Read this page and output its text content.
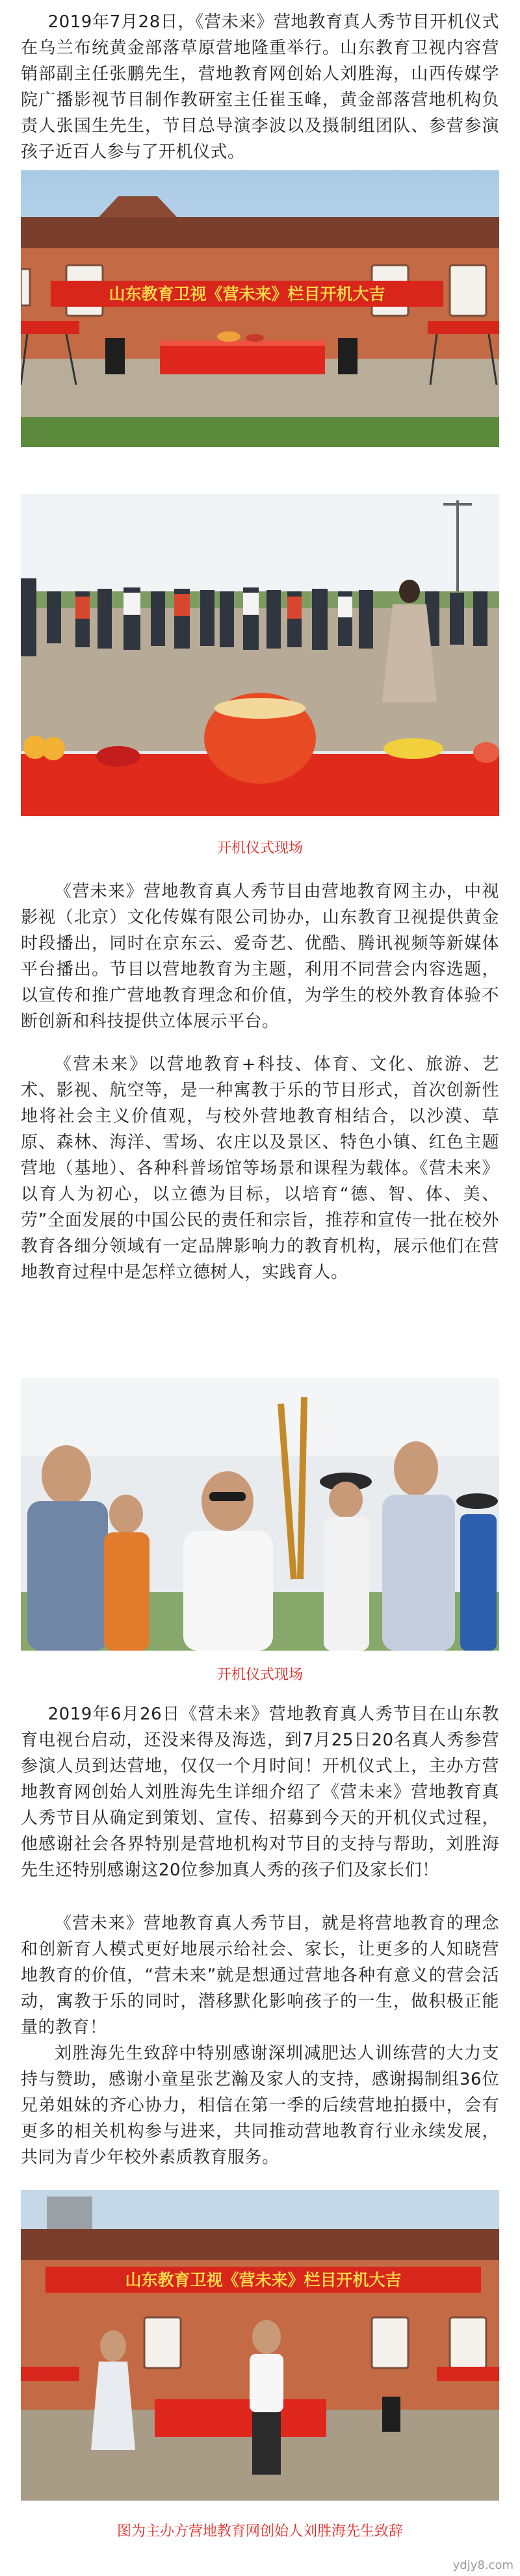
2019年7月28日，《营未来》营地教育真人秀节目开机仪式在乌兰布统黄金部落草原营地隆重举行。山东教育卫视内容营销部副主任张鹏先生，营地教育网创始人刘胜海，山西传媒学院广播影视节目制作教研室主任崔玉峰，黄金部落营地机构负责人张国生先生，节目总导演李波以及摄制组团队、参营参演孩子近百人参与了开机仪式。

山东教育卫视《营未来》栏目开机大吉

开机仪式现场

《营未来》营地教育真人秀节目由营地教育网主办，中视影视（北京）文化传媒有限公司协办，山东教育卫视提供黄金时段播出，同时在京东云、爱奇艺、优酷、腾讯视频等新媒体平台播出。节目以营地教育为主题，利用不同营会内容选题，以宣传和推广营地教育理念和价值，为学生的校外教育体验不断创新和科技提供立体展示平台。

《营未来》以营地教育+科技、体育、文化、旅游、艺术、影视、航空等，是一种寓教于乐的节目形式，首次创新性地将社会主义价值观，与校外营地教育相结合，以沙漠、草原、森林、海洋、雪场、农庄以及景区、特色小镇、红色主题营地（基地）、各种科普场馆等场景和课程为载体。《营未来》以育人为初心，以立德为目标，以培育“德、智、体、美、劳”全面发展的中国公民的责任和宗旨，推荐和宣传一批在校外教育各细分领域有一定品牌影响力的教育机构，展示他们在营地教育过程中是怎样立德树人，实践育人。

开机仪式现场

2019年6月26日《营未来》营地教育真人秀节目在山东教育电视台启动，还没来得及海选，到7月25日20名真人秀参营参演人员到达营地，仅仅一个月时间！开机仪式上，主办方营地教育网创始人刘胜海先生详细介绍了《营未来》营地教育真人秀节目从确定到策划、宣传、招募到今天的开机仪式过程，他感谢社会各界特别是营地机构对节目的支持与帮助，刘胜海先生还特别感谢这20位参加真人秀的孩子们及家长们！

《营未来》营地教育真人秀节目，就是将营地教育的理念和创新育人模式更好地展示给社会、家长，让更多的人知晓营地教育的价值，“营未来”就是想通过营地各种有意义的营会活动，寓教于乐的同时，潜移默化影响孩子的一生，做积极正能量的教育！

刘胜海先生致辞中特别感谢深圳减肥达人训练营的大力支持与赞助，感谢小童星张艺瀚及家人的支持，感谢揭制组36位兄弟姐妹的齐心协力，相信在第一季的后续营地拍摄中，会有更多的相关机构参与进来，共同推动营地教育行业永续发展，共同为青少年校外素质教育服务。

山东教育卫视《营未来》栏目开机大吉

图为主办方营地教育网创始人刘胜海先生致辞

ydjy8.com
